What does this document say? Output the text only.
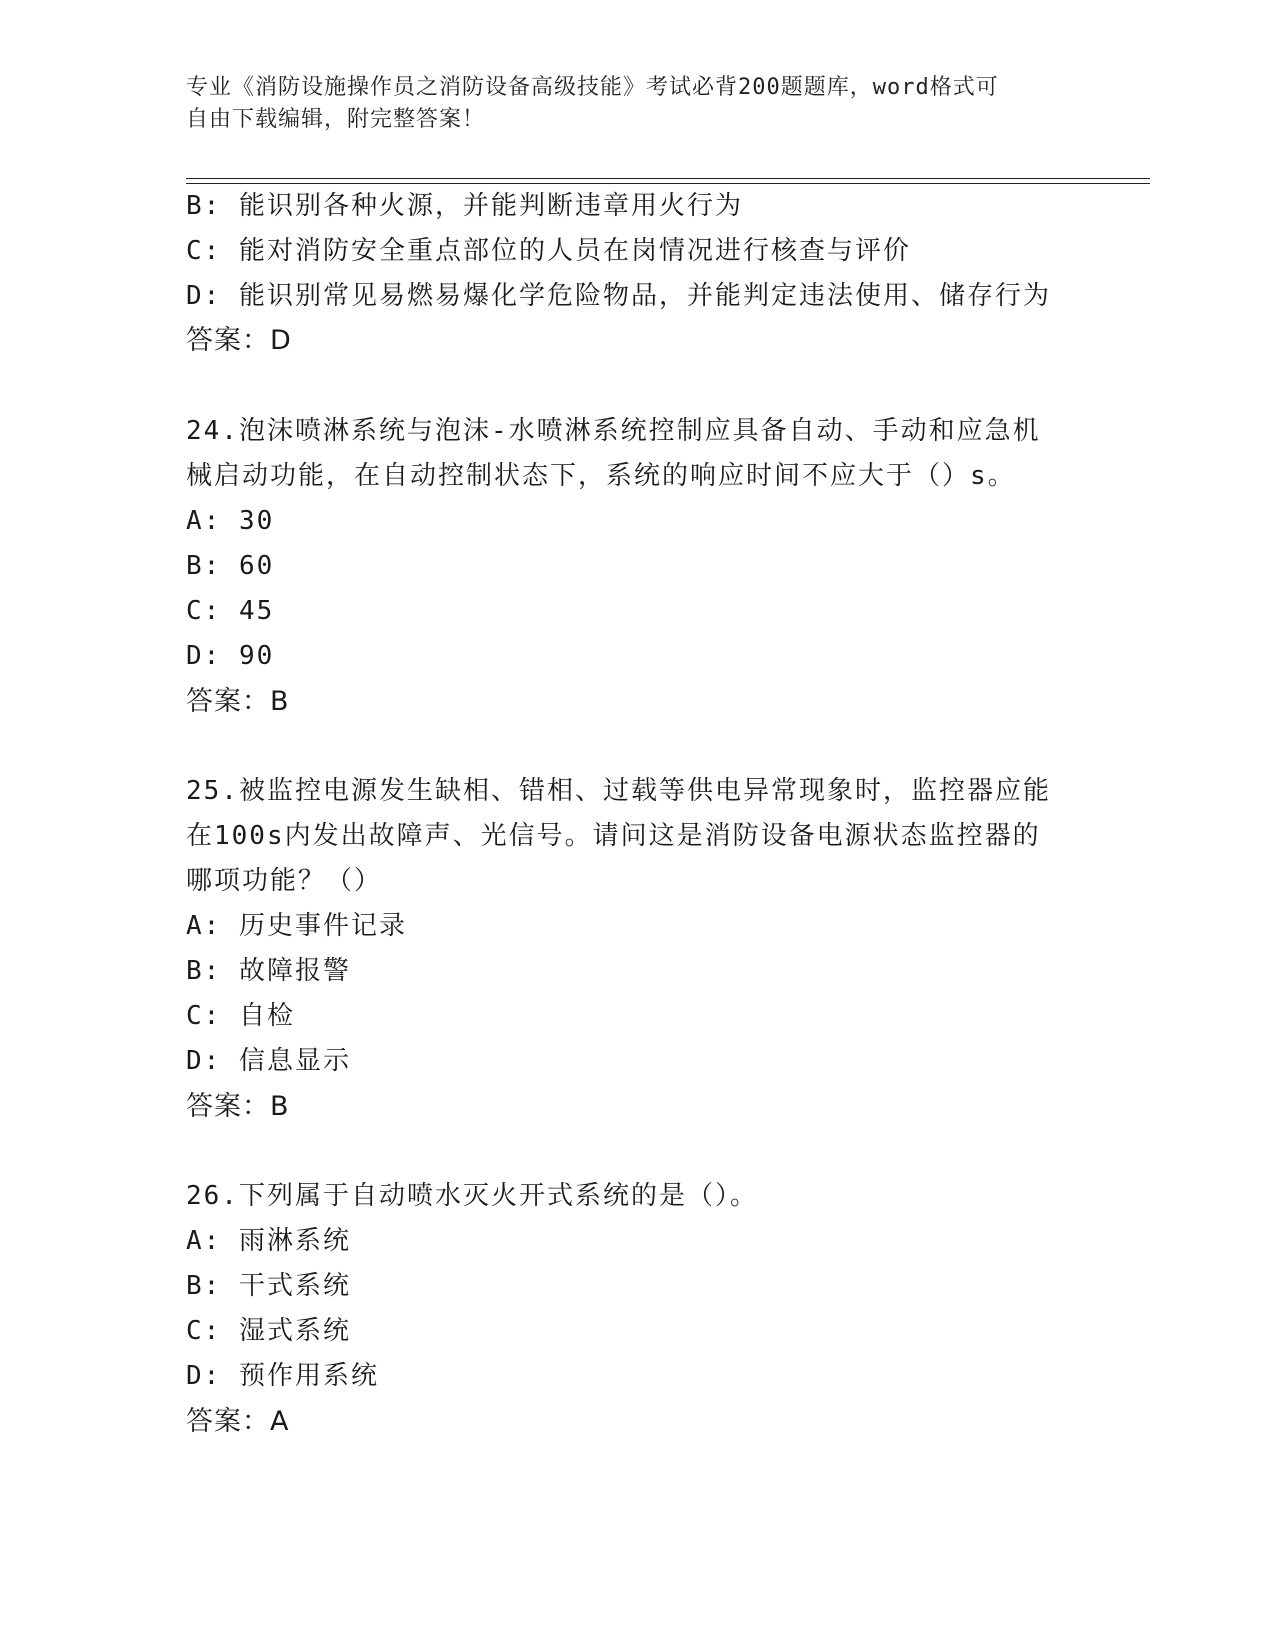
专业《消防设施操作员之消防设备高级技能》考试必背200题题库，word格式可
自由下载编辑，附完整答案！
B: 能识别各种火源，并能判断违章用火行为
C: 能对消防安全重点部位的人员在岗情况进行核查与评价
D: 能识别常见易燃易爆化学危险物品，并能判定违法使用、储存行为
答案：D
24.泡沫喷淋系统与泡沫-水喷淋系统控制应具备自动、手动和应急机
械启动功能，在自动控制状态下，系统的响应时间不应大于（）s。
A: 30
B: 60
C: 45
D: 90
答案：B
25.被监控电源发生缺相、错相、过载等供电异常现象时，监控器应能
在100s内发出故障声、光信号。请问这是消防设备电源状态监控器的
哪项功能？（）
A: 历史事件记录
B: 故障报警
C: 自检
D: 信息显示
答案：B
26.下列属于自动喷水灭火开式系统的是（）。
A: 雨淋系统
B: 干式系统
C: 湿式系统
D: 预作用系统
答案：A
